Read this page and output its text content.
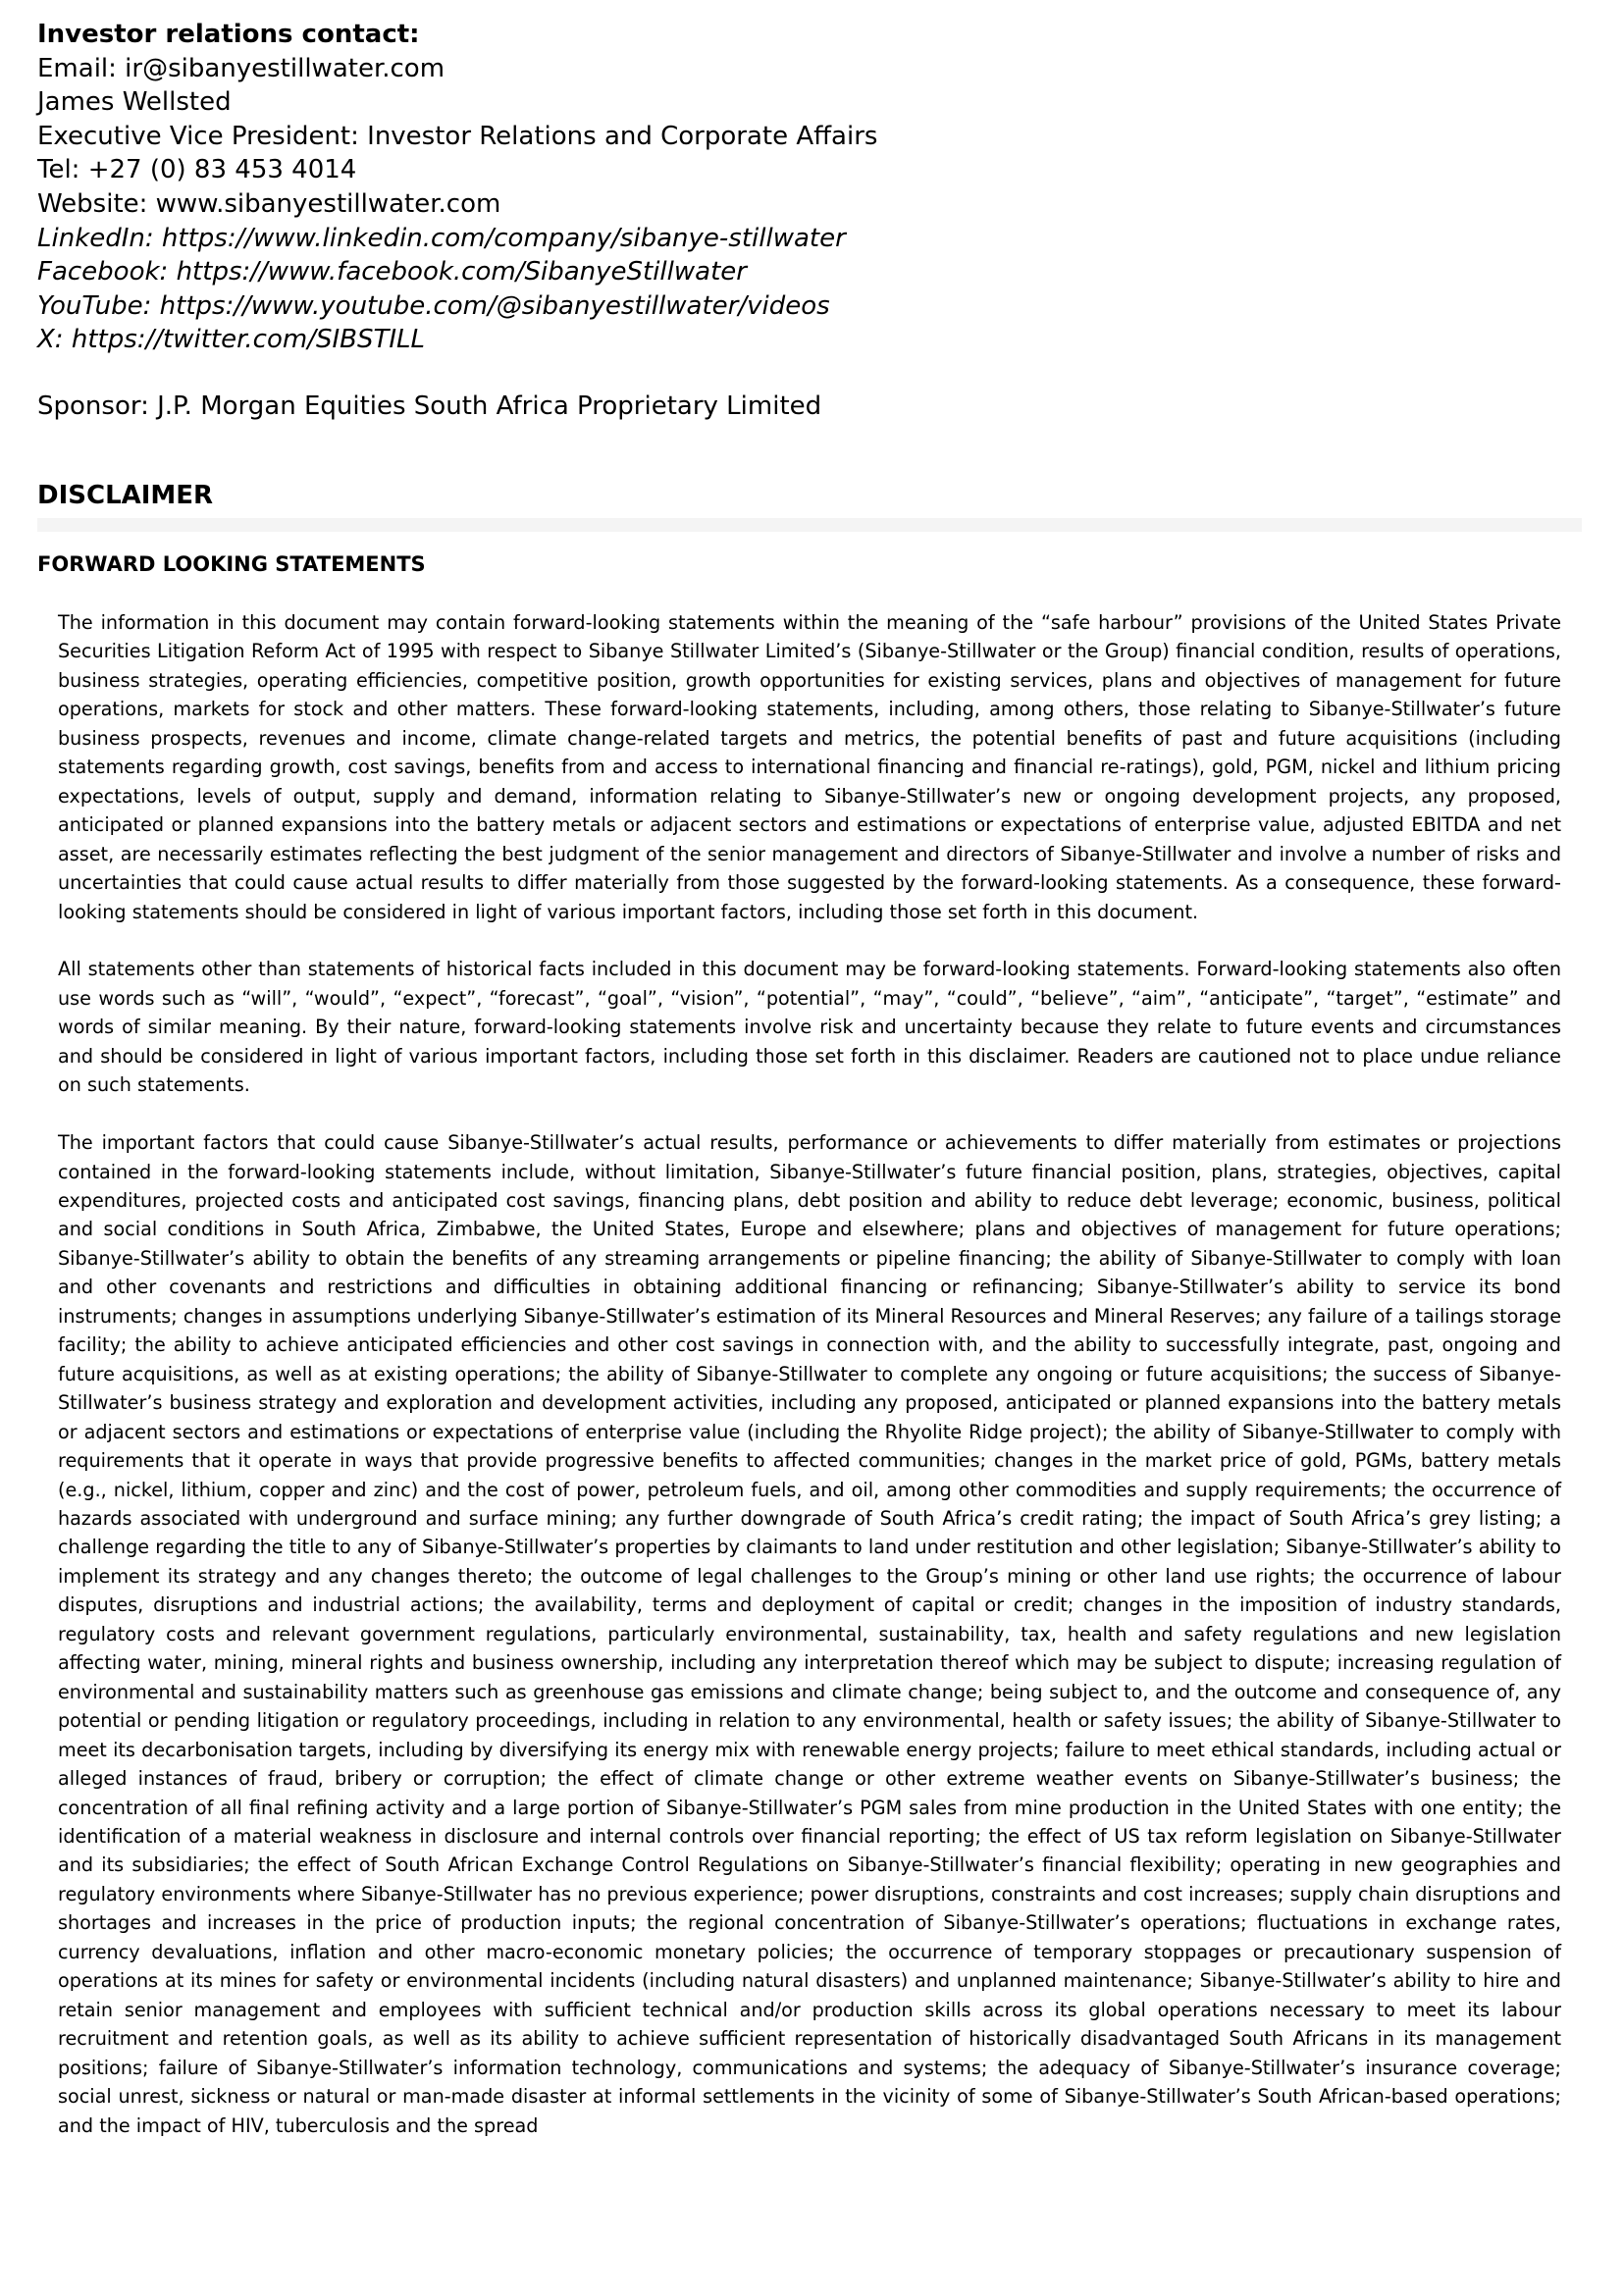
Investor relations contact:
Email: ir@sibanyestillwater.com
James Wellsted
Executive Vice President: Investor Relations and Corporate Affairs
Tel: +27 (0) 83 453 4014
Website: www.sibanyestillwater.com
LinkedIn: https://www.linkedin.com/company/sibanye-stillwater
Facebook: https://www.facebook.com/SibanyeStillwater
YouTube: https://www.youtube.com/@sibanyestillwater/videos
X: https://twitter.com/SIBSTILL
Sponsor: J.P. Morgan Equities South Africa Proprietary Limited
DISCLAIMER
FORWARD LOOKING STATEMENTS

The information in this document may contain forward-looking statements within the meaning of the “safe harbour” provisions of the United States Private Securities Litigation Reform Act of 1995 with respect to Sibanye Stillwater Limited’s (Sibanye-Stillwater or the Group) financial condition, results of operations, business strategies, operating efficiencies, competitive position, growth opportunities for existing services, plans and objectives of management for future operations, markets for stock and other matters. These forward-looking statements, including, among others, those relating to Sibanye-Stillwater’s future business prospects, revenues and income, climate change-related targets and metrics, the potential benefits of past and future acquisitions (including statements regarding growth, cost savings, benefits from and access to international financing and financial re-ratings), gold, PGM, nickel and lithium pricing expectations, levels of output, supply and demand, information relating to Sibanye-Stillwater’s new or ongoing development projects, any proposed, anticipated or planned expansions into the battery metals or adjacent sectors and estimations or expectations of enterprise value, adjusted EBITDA and net asset, are necessarily estimates reflecting the best judgment of the senior management and directors of Sibanye-Stillwater and involve a number of risks and uncertainties that could cause actual results to differ materially from those suggested by the forward-looking statements. As a consequence, these forward-looking statements should be considered in light of various important factors, including those set forth in this document.

All statements other than statements of historical facts included in this document may be forward-looking statements. Forward-looking statements also often use words such as “will”, “would”, “expect”, “forecast”, “goal”, “vision”, “potential”, “may”, “could”, “believe”, “aim”, “anticipate”, “target”, “estimate” and words of similar meaning. By their nature, forward-looking statements involve risk and uncertainty because they relate to future events and circumstances and should be considered in light of various important factors, including those set forth in this disclaimer. Readers are cautioned not to place undue reliance on such statements.

The important factors that could cause Sibanye-Stillwater’s actual results, performance or achievements to differ materially from estimates or projections contained in the forward-looking statements include, without limitation, Sibanye-Stillwater’s future financial position, plans, strategies, objectives, capital expenditures, projected costs and anticipated cost savings, financing plans, debt position and ability to reduce debt leverage; economic, business, political and social conditions in South Africa, Zimbabwe, the United States, Europe and elsewhere; plans and objectives of management for future operations; Sibanye-Stillwater’s ability to obtain the benefits of any streaming arrangements or pipeline financing; the ability of Sibanye-Stillwater to comply with loan and other covenants and restrictions and difficulties in obtaining additional financing or refinancing; Sibanye-Stillwater’s ability to service its bond instruments; changes in assumptions underlying Sibanye-Stillwater’s estimation of its Mineral Resources and Mineral Reserves; any failure of a tailings storage facility; the ability to achieve anticipated efficiencies and other cost savings in connection with, and the ability to successfully integrate, past, ongoing and future acquisitions, as well as at existing operations; the ability of Sibanye-Stillwater to complete any ongoing or future acquisitions; the success of Sibanye-Stillwater’s business strategy and exploration and development activities, including any proposed, anticipated or planned expansions into the battery metals or adjacent sectors and estimations or expectations of enterprise value (including the Rhyolite Ridge project); the ability of Sibanye-Stillwater to comply with requirements that it operate in ways that provide progressive benefits to affected communities; changes in the market price of gold, PGMs, battery metals (e.g., nickel, lithium, copper and zinc) and the cost of power, petroleum fuels, and oil, among other commodities and supply requirements; the occurrence of hazards associated with underground and surface mining; any further downgrade of South Africa’s credit rating; the impact of South Africa’s grey listing; a challenge regarding the title to any of Sibanye-Stillwater’s properties by claimants to land under restitution and other legislation; Sibanye-Stillwater’s ability to implement its strategy and any changes thereto; the outcome of legal challenges to the Group’s mining or other land use rights; the occurrence of labour disputes, disruptions and industrial actions; the availability, terms and deployment of capital or credit; changes in the imposition of industry standards, regulatory costs and relevant government regulations, particularly environmental, sustainability, tax, health and safety regulations and new legislation affecting water, mining, mineral rights and business ownership, including any interpretation thereof which may be subject to dispute; increasing regulation of environmental and sustainability matters such as greenhouse gas emissions and climate change; being subject to, and the outcome and consequence of, any potential or pending litigation or regulatory proceedings, including in relation to any environmental, health or safety issues; the ability of Sibanye-Stillwater to meet its decarbonisation targets, including by diversifying its energy mix with renewable energy projects; failure to meet ethical standards, including actual or alleged instances of fraud, bribery or corruption; the effect of climate change or other extreme weather events on Sibanye-Stillwater’s business; the concentration of all final refining activity and a large portion of Sibanye-Stillwater’s PGM sales from mine production in the United States with one entity; the identification of a material weakness in disclosure and internal controls over financial reporting; the effect of US tax reform legislation on Sibanye-Stillwater and its subsidiaries; the effect of South African Exchange Control Regulations on Sibanye-Stillwater’s financial flexibility; operating in new geographies and regulatory environments where Sibanye-Stillwater has no previous experience; power disruptions, constraints and cost increases; supply chain disruptions and shortages and increases in the price of production inputs; the regional concentration of Sibanye-Stillwater’s operations; fluctuations in exchange rates, currency devaluations, inflation and other macro-economic monetary policies; the occurrence of temporary stoppages or precautionary suspension of operations at its mines for safety or environmental incidents (including natural disasters) and unplanned maintenance; Sibanye-Stillwater’s ability to hire and retain senior management and employees with sufficient technical and/or production skills across its global operations necessary to meet its labour recruitment and retention goals, as well as its ability to achieve sufficient representation of historically disadvantaged South Africans in its management positions; failure of Sibanye-Stillwater’s information technology, communications and systems; the adequacy of Sibanye-Stillwater’s insurance coverage; social unrest, sickness or natural or man-made disaster at informal settlements in the vicinity of some of Sibanye-Stillwater’s South African-based operations; and the impact of HIV, tuberculosis and the spread
